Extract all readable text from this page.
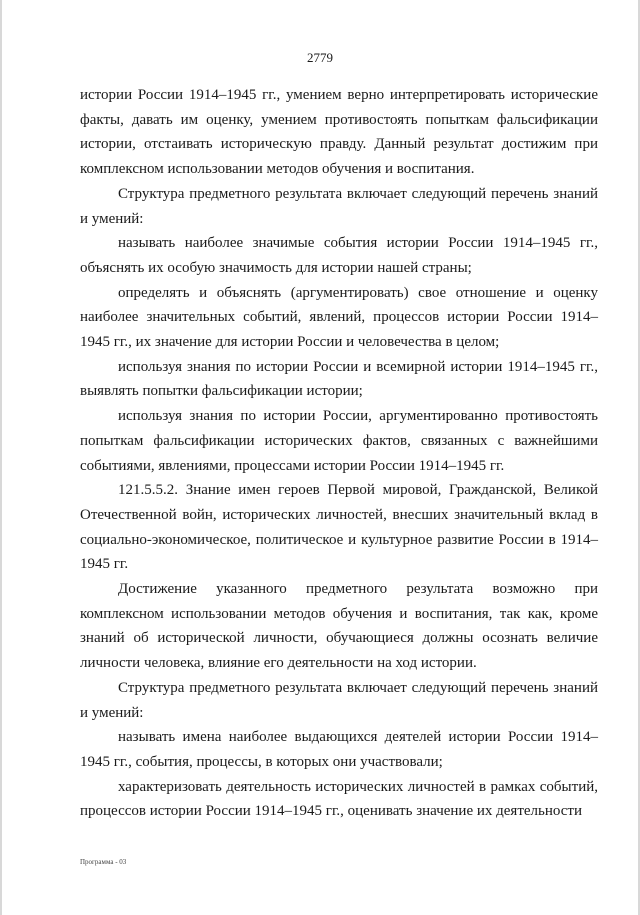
2779

истории России 1914–1945 гг., умением верно интерпретировать исторические факты, давать им оценку, умением противостоять попыткам фальсификации истории, отстаивать историческую правду. Данный результат достижим при комплексном использовании методов обучения и воспитания.

Структура предметного результата включает следующий перечень знаний и умений:

называть наиболее значимые события истории России 1914–1945 гг., объяснять их особую значимость для истории нашей страны;

определять и объяснять (аргументировать) свое отношение и оценку наиболее значительных событий, явлений, процессов истории России 1914–1945 гг., их значение для истории России и человечества в целом;

используя знания по истории России и всемирной истории 1914–1945 гг., выявлять попытки фальсификации истории;

используя знания по истории России, аргументированно противостоять попыткам фальсификации исторических фактов, связанных с важнейшими событиями, явлениями, процессами истории России 1914–1945 гг.

121.5.5.2. Знание имен героев Первой мировой, Гражданской, Великой Отечественной войн, исторических личностей, внесших значительный вклад в социально-экономическое, политическое и культурное развитие России в 1914–1945 гг.

Достижение указанного предметного результата возможно при комплексном использовании методов обучения и воспитания, так как, кроме знаний об исторической личности, обучающиеся должны осознать величие личности человека, влияние его деятельности на ход истории.

Структура предметного результата включает следующий перечень знаний и умений:

называть имена наиболее выдающихся деятелей истории России 1914–1945 гг., события, процессы, в которых они участвовали;

характеризовать деятельность исторических личностей в рамках событий, процессов истории России 1914–1945 гг., оценивать значение их деятельности

Программа - 03
